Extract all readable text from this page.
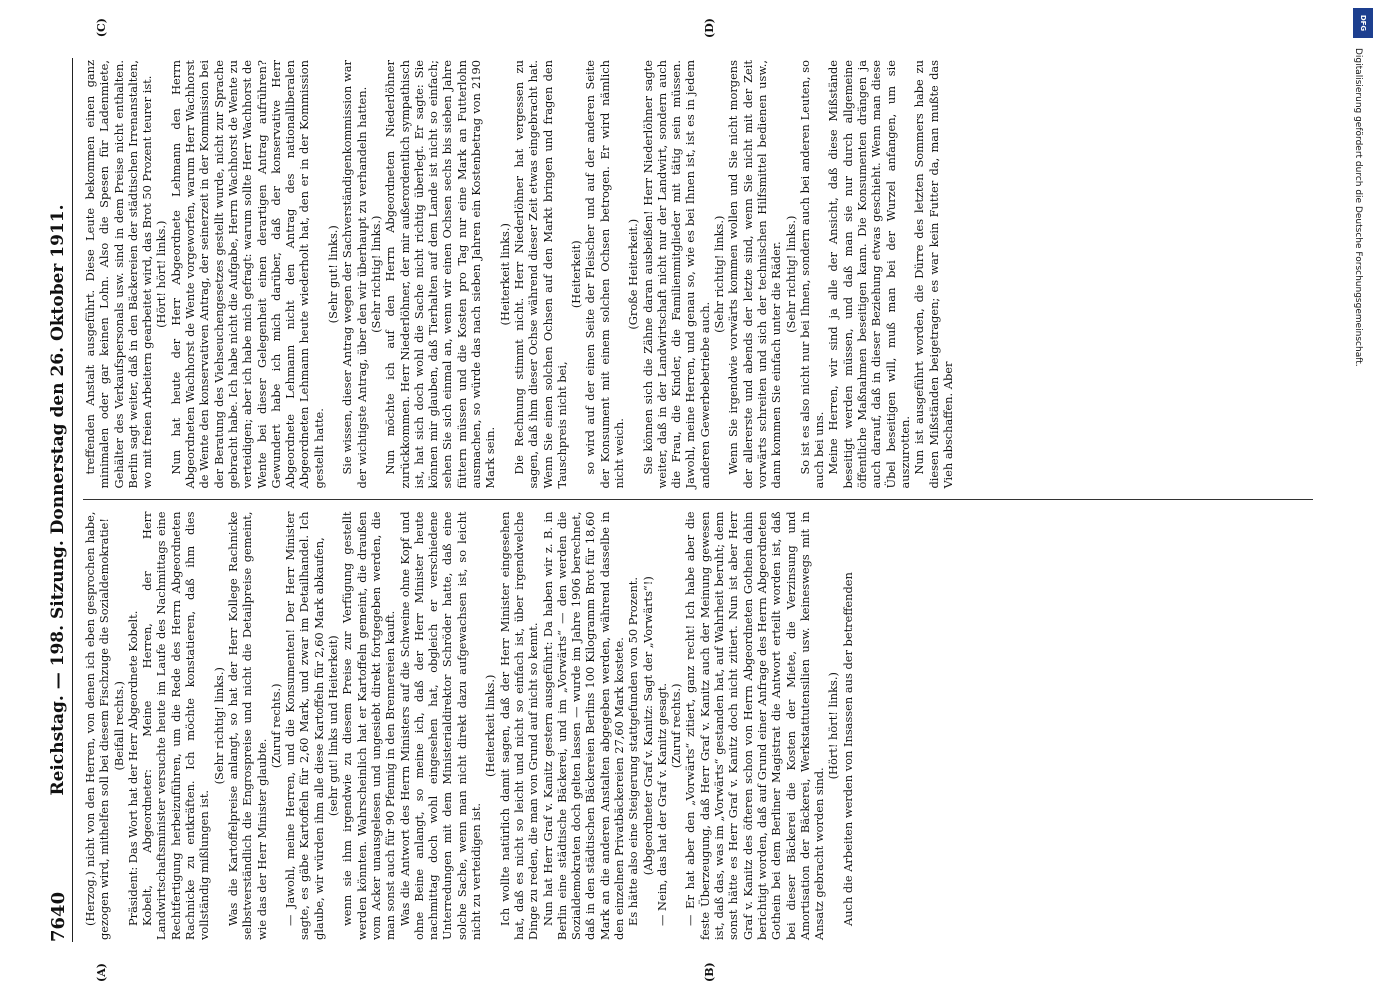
7640
Reichstag. — 198. Sitzung. Donnerstag den 26. Oktober 1911.
(A)	(B)
(C)	(D)

(Herzog.) nicht von den Herren, von denen ich eben gesprochen habe, gezogen wird, mithelfen soll bei diesem Fischzuge die Sozialdemokratie! (Beifall rechts.) Präsident: Das Wort hat der Herr Abgeordnete Kobelt. Kobelt, Abgeordneter: Meine Herren, der Herr Landwirtschaftsminister versuchte heute im Laufe des Nachmittags eine Rechtfertigung herbeizuführen, um die Rede des Herrn Abgeordneten Rachnicke zu entkräften. Ich möchte konstatieren, daß ihm dies vollständig mißlungen ist.

(Sehr richtig! links.) Was die Kartoffelpreise anlangt, so hat der Herr Kollege Rachnicke selbstverständlich die Engrospreise und nicht die Detailpreise gemeint, wie das der Herr Minister glaubte.

(Zuruf rechts.) — Jawohl, meine Herren, und die Konsumenten! Der Herr Minister sagte, es gäbe Kartoffeln für 2,60 Mark, und zwar im Detailhandel. Ich glaube, wir würden ihm alle diese Kartoffeln für 2,60 Mark abkaufen, (sehr gut! links und Heiterkeit) wenn sie ihm irgendwie zu diesem Preise zur Verfügung gestellt werden könnten. Wahrscheinlich hat er Kartoffeln gemeint, die draußen vom Acker unausgelesen und ungesiebt direkt fortgegeben werden, die man sonst auch für 90 Pfennig in den Brennereien kauft. Was die Antwort des Herrn Ministers auf die Schweine ohne Kopf und ohne Beine anlangt, so meine ich, daß der Herr Minister heute nachmittag doch wohl eingesehen hat, obgleich er verschiedene Unterredungen mit dem Ministerialdirektor Schröder hatte, daß eine solche Sache, wenn man nicht direkt dazu aufgewachsen ist, so leicht nicht zu verteidigen ist.

(Heiterkeit links.) Ich wollte natürlich damit sagen, daß der Herr Minister eingesehen hat, daß es nicht so leicht und nicht so einfach ist, über irgendwelche Dinge zu reden, die man von Grund auf nicht so kennt. Nun hat Herr Graf v. Kanitz gestern ausgeführt: Da haben wir z. B. in Berlin eine städtische Bäckerei, und im „Vorwärts“ — den werden die Sozialdemokraten doch gelten lassen — wurde im Jahre 1906 berechnet, daß in den städtischen Bäckereien Berlins 100 Kilogramm Brot für 18,60 Mark an die anderen Anstalten abgegeben werden, während dasselbe in den einzelnen Privatbäckereien 27,60 Mark kostete. Es hätte also eine Steigerung stattgefunden von 50 Prozent. (Abgeordneter Graf v. Kanitz: Sagt der „Vorwärts“!) — Nein, das hat der Graf v. Kanitz gesagt. (Zuruf rechts.) — Er hat aber den „Vorwärts“ zitiert, ganz recht! Ich habe aber die feste Überzeugung, daß Herr Graf v. Kanitz auch der Meinung gewesen ist, daß das, was im „Vorwärts“ gestanden hat, auf Wahrheit beruht; denn sonst hätte es Herr Graf v. Kanitz doch nicht zitiert. Nun ist aber Herr Graf v. Kanitz des öfteren schon von Herrn Abgeordneten Gothein dahin berichtigt worden, daß auf Grund einer Anfrage des Herrn Abgeordneten Gothein bei dem Berliner Magistrat die Antwort erteilt worden ist, daß bei dieser Bäckerei die Kosten der Miete, die Verzinsung und Amortisation der Bäckerei, Werkstattutensilien usw. keineswegs mit in Ansatz gebracht worden sind.

(Hört! hört! links.) Auch die Arbeiten werden von Insassen aus der betreffenden

treffenden Anstalt ausgeführt. Diese Leute bekommen einen ganz minimalen oder gar keinen Lohn. Also die Spesen für Ladenmiete, Gehälter des Verkaufspersonals usw. sind in dem Preise nicht enthalten. Berlin sagt weiter, daß in den Bäckereien der städtischen Irrenanstalten, wo mit freien Arbeitern gearbeitet wird, das Brot 50 Prozent teurer ist. (Hört! hört! links.) Nun hat heute der Herr Abgeordnete Lehmann den Herrn Abgeordneten Wachhorst de Wente vorgeworfen, warum Herr Wachhorst de Wente den konservativen Antrag, der seinerzeit in der Kommission bei der Beratung des Viehseuchengesetzes gestellt wurde, nicht zur Sprache gebracht habe. Ich habe nicht die Aufgabe, Herrn Wachhorst de Wente zu verteidigen; aber ich habe mich gefragt: warum sollte Herr Wachhorst de Wente bei dieser Gelegenheit einen derartigen Antrag aufrühren? Gewundert habe ich mich darüber, daß der konservative Herr Abgeordnete Lehmann nicht den Antrag des nationalliberalen Abgeordneten Lehmann heute wiederholt hat, den er in der Kommission gestellt hatte.

(Sehr gut! links.) Sie wissen, dieser Antrag wegen der Sachverständigenkommission war der wichtigste Antrag, über den wir überhaupt zu verhandeln hatten. (Sehr richtig! links.) Nun möchte ich auf den Herrn Abgeordneten Niederlöhner zurückkommen. Herr Niederlöhner, der mir außerordentlich sympathisch ist, hat sich doch wohl die Sache nicht richtig überlegt. Er sagte: Sie können mir glauben, daß Tierhalten auf dem Lande ist nicht so einfach; sehen Sie sich einmal an, wenn wir einen Ochsen sechs bis sieben Jahre füttern müssen und die Kosten pro Tag nur eine Mark an Futterlohn ausmachen, so würde das nach sieben Jahren ein Kostenbetrag von 2190 Mark sein.

(Heiterkeit links.) Die Rechnung stimmt nicht. Herr Niederlöhner hat vergessen zu sagen, daß ihm dieser Ochse während dieser Zeit etwas eingebracht hat. Wenn Sie einen solchen Ochsen auf den Markt bringen und fragen den Tauschpreis nicht bei,

(Heiterkeit) so wird auf der einen Seite der Fleischer und auf der anderen Seite der Konsument mit einem solchen Ochsen betrogen. Er wird nämlich nicht weich.

(Große Heiterkeit.) Sie können sich die Zähne daran ausbeißen! Herr Niederlöhner sagte weiter, daß in der Landwirtschaft nicht nur der Landwirt, sondern auch die Frau, die Kinder, die Familienmitglieder mit tätig sein müssen. Jawohl, meine Herren, und genau so, wie es bei Ihnen ist, ist es in jedem anderen Gewerbebetriebe auch.

(Sehr richtig! links.) Wenn Sie irgendwie vorwärts kommen wollen und Sie nicht morgens der allererste und abends der letzte sind, wenn Sie nicht mit der Zeit vorwärts schreiten und sich der technischen Hilfsmittel bedienen usw., dann kommen Sie einfach unter die Räder. (Sehr richtig! links.) So ist es also nicht nur bei Ihnen, sondern auch bei anderen Leuten, so auch bei uns. Meine Herren, wir sind ja alle der Ansicht, daß diese Mißstände beseitigt werden müssen, und daß man sie nur durch allgemeine öffentliche Maßnahmen beseitigen kann. Die Konsumenten drängen ja auch darauf, daß in dieser Beziehung etwas geschieht. Wenn man diese Übel beseitigen will, muß man bei der Wurzel anfangen, um sie auszurotten. Nun ist ausgeführt worden, die Dürre des letzten Sommers habe zu diesen Mißständen beigetragen; es war kein Futter da, man mußte das Vieh abschaffen. Aber

DFG
Digitalisierung gefördert durch die Deutsche Forschungsgemeinschaft.
